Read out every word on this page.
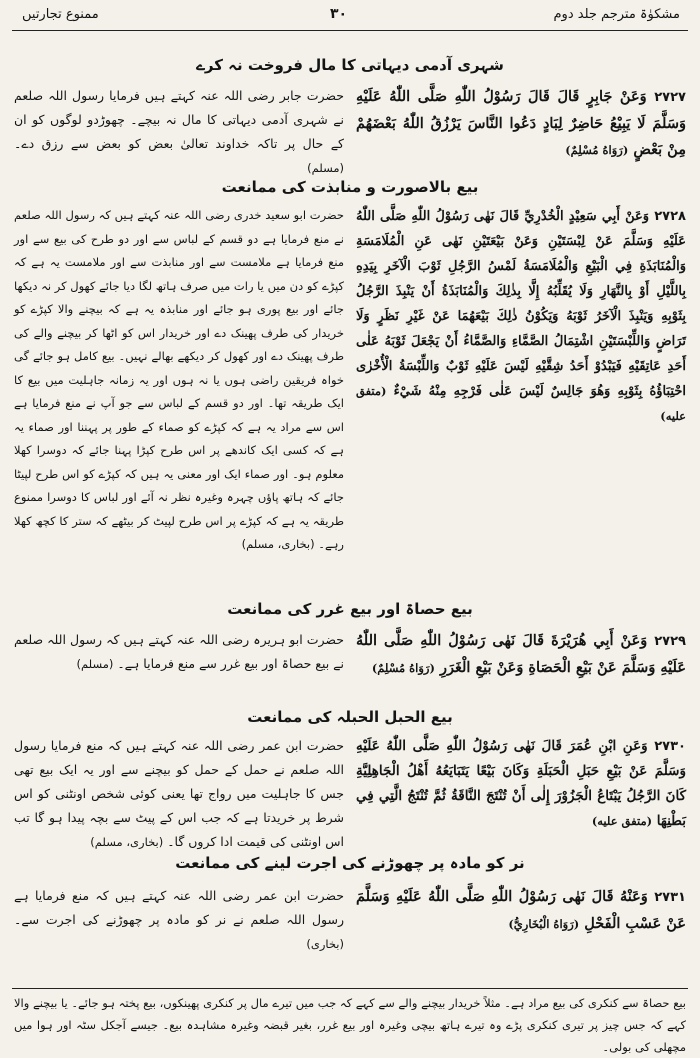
ممنوع تجارتیں	۳۰	مشکوٰۃ مترجم جلد دوم
شہری آدمی دیہاتی کا مال فروخت نہ کرے
۲۷۲۷ وَعَنْ جَابِرٍ قَالَ قَالَ رَسُوْلُ اللّٰهِ صَلَّى اللّٰهُ عَلَيْهِ وَسَلَّمَ لَا يَبِيْعُ حَاضِرٌ لِبَادٍ دَعُوا النَّاسَ يَرْزُقُ اللّٰهُ بَعْضَهُمْ مِنْ بَعْضٍ (رَوَاهُ مُسْلِمٌ)
حضرت جابر رضی اللہ عنہ کہتے ہیں فرمایا رسول اللہ صلعم نے شہری آدمی دیہاتی کا مال نہ بیچے۔ چھوڑدو لوگوں کو ان کے حال پر تاکہ خداوند تعالیٰ بعض کو بعض سے رزق دے۔ (مسلم)
بیع بالاصورت و منابذت کی ممانعت
۲۷۲۸ وَعَنْ أَبِي سَعِيْدٍ الْخُدْرِيِّ قَالَ نَهٰى رَسُوْلُ اللّٰهِ صَلَّى اللّٰهُ عَلَيْهِ وَسَلَّمَ عَنْ لِبْسَتَيْنِ وَعَنْ بَيْعَتَيْنِ نَهٰى عَنِ الْمُلَامَسَةِ وَالْمُنَابَذَةِ فِي الْبَيْعِ وَالْمُلَامَسَةُ لَمْسُ الرَّجُلِ ثَوْبَ الْآخَرِ بِيَدِهِ بِاللَّيْلِ أَوْ بِالنَّهَارِ وَلَا يُقَلِّبُهُ إِلَّا بِذٰلِكَ وَالْمُنَابَذَةُ أَنْ يَنْبِذَ الرَّجُلُ بِثَوْبِهِ وَيَنْبِذَ الْآخَرُ ثَوْبَهُ وَيَكُوْنُ ذٰلِكَ بَيْعَهُمَا عَنْ غَيْرِ نَظَرٍ وَلَا تَرَاضٍ وَاللِّبْسَتَيْنِ اشْتِمَالُ الصَّمَّاءِ وَالصَّمَّاءُ أَنْ يَجْعَلَ ثَوْبَهُ عَلٰى أَحَدِ عَاتِقَيْهِ فَيَبْدُوْ أَحَدُ شِقَّيْهِ لَيْسَ عَلَيْهِ ثَوْبٌ وَاللِّبْسَةُ الْأُخْرٰى احْتِبَاؤُهُ بِثَوْبِهِ وَهُوَ جَالِسٌ لَيْسَ عَلٰى فَرْجِهِ مِنْهُ شَيْءٌ (متفق علیه)
حضرت ابو سعید خدری رضی اللہ عنہ کہتے ہیں کہ رسول اللہ صلعم نے منع فرمایا ہے دو قسم کے لباس سے اور دو طرح کی بیع سے اور منع فرمایا ہے ملامست سے اور منابذت سے اور ملامست یہ ہے کہ کپڑے کو دن میں یا رات میں صرف ہاتھ لگا دیا جائے کھول کر نہ دیکھا جائے اور بیع پوری ہو جائے اور منابذہ یہ ہے کہ بیچنے والا کپڑے کو خریدار کی طرف پھینک دے اور خریدار اس کو اٹھا کر بیچنے والے کی طرف پھینک دے اور کھول کر دیکھے بھالے نہیں۔ بیع کامل ہو جائے گی خواہ فریقین راضی ہوں یا نہ ہوں اور یہ زمانہ جاہلیت میں بیع کا ایک طریقہ تھا۔ اور دو قسم کے لباس سے جو آپ نے منع فرمایا ہے اس سے مراد یہ ہے کہ کپڑے کو صماء کے طور پر پہننا اور صماء یہ ہے کہ کسی ایک کاندھے پر اس طرح کپڑا پہنا جائے کہ دوسرا کھلا معلوم ہو۔ اور صماء ایک اور معنی یہ ہیں کہ کپڑے کو اس طرح لپیٹا جائے کہ ہاتھ پاؤں چہرہ وغیرہ نظر نہ آئے اور لباس کا دوسرا ممنوع طریقہ یہ ہے کہ کپڑے پر اس طرح لپیٹ کر بیٹھے کہ ستر کا کچھ کھلا رہے۔ (بخاری، مسلم)
بیع حصاۃ اور بیع غرر کی ممانعت
۲۷۲۹ وَعَنْ أَبِي هُرَيْرَةَ قَالَ نَهٰى رَسُوْلُ اللّٰهِ صَلَّى اللّٰهُ عَلَيْهِ وَسَلَّمَ عَنْ بَيْعِ الْحَصَاةِ وَعَنْ بَيْعِ الْغَرَرِ (رَوَاهُ مُسْلِمٌ)
حضرت ابو ہریرہ رضی اللہ عنہ کہتے ہیں کہ رسول اللہ صلعم نے بیع حصاۃ اور بیع غرر سے منع فرمایا ہے۔ (مسلم)
بیع الحبل الحبلہ کی ممانعت
۲۷۳۰ وَعَنِ ابْنِ عُمَرَ قَالَ نَهٰى رَسُوْلُ اللّٰهِ صَلَّى اللّٰهُ عَلَيْهِ وَسَلَّمَ عَنْ بَيْعِ حَبَلِ الْحَبَلَةِ وَكَانَ بَيْعًا يَتَبَايَعُهُ أَهْلُ الْجَاهِلِيَّةِ كَانَ الرَّجُلُ يَبْتَاعُ الْجَزُوْرَ إِلٰى أَنْ تُنْتَجَ النَّاقَةُ ثُمَّ تُنْتَجُ الَّتِي فِي بَطْنِهَا (متفق علیه)
حضرت ابن عمر رضی اللہ عنہ کہتے ہیں کہ منع فرمایا رسول اللہ صلعم نے حمل کے حمل کو بیچنے سے اور یہ ایک بیع تھی جس کا جاہلیت میں رواج تھا یعنی کوئی شخص اونٹنی کو اس شرط پر خریدتا ہے کہ جب اس کے پیٹ سے بچہ پیدا ہو گا تب اس اونٹنی کی قیمت ادا کروں گا۔ (بخاری، مسلم)
نر کو مادہ پر چھوڑنے کی اجرت لینے کی ممانعت
۲۷۳۱ وَعَنْهُ قَالَ نَهٰى رَسُوْلُ اللّٰهِ صَلَّى اللّٰهُ عَلَيْهِ وَسَلَّمَ عَنْ عَسْبِ الْفَحْلِ (رَوَاهُ الْبُخَارِيُّ)
حضرت ابن عمر رضی اللہ عنہ کہتے ہیں کہ منع فرمایا ہے رسول اللہ صلعم نے نر کو مادہ پر چھوڑنے کی اجرت سے۔ (بخاری)
بیع حصاۃ سے کنکری کی بیع مراد ہے۔ مثلاً خریدار بیچنے والے سے کہے کہ جب میں تیرے مال پر کنکری پھینکوں، بیع پختہ ہو جائے۔ یا بیچنے والا کہے کہ جس چیز پر تیری کنکری پڑے وہ تیرے ہاتھ بیچی وغیرہ اور بیع غرر، بغیر قبضہ وغیرہ مشاہدہ بیع۔ جیسے آجکل سٹہ اور ہوا میں مچھلی کی بولی۔
